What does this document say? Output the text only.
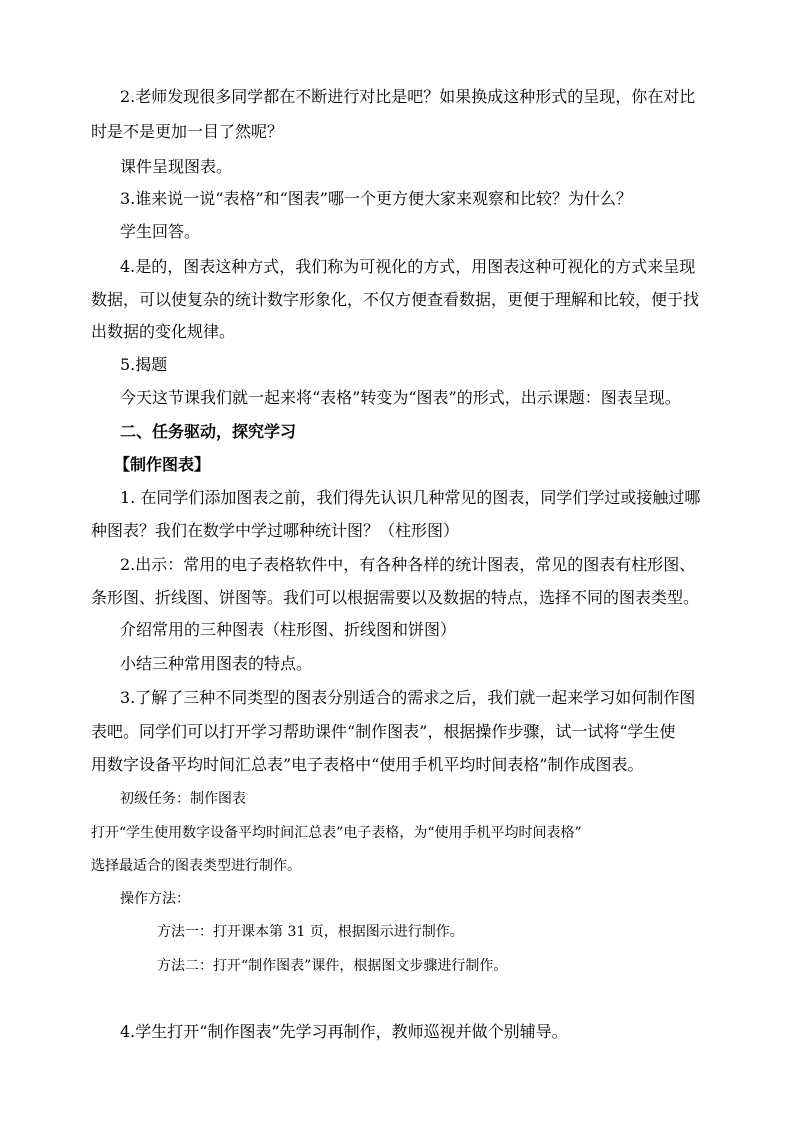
2.老师发现很多同学都在不断进行对比是吧？如果换成这种形式的呈现，你在对比
时是不是更加一目了然呢？
课件呈现图表。
3.谁来说一说“表格”和“图表”哪一个更方便大家来观察和比较？为什么？
学生回答。
4.是的，图表这种方式，我们称为可视化的方式，用图表这种可视化的方式来呈现
数据，可以使复杂的统计数字形象化，不仅方便查看数据，更便于理解和比较，便于找
出数据的变化规律。
5.揭题
今天这节课我们就一起来将“表格”转变为“图表”的形式，出示课题：图表呈现。
二、任务驱动，探究学习
【制作图表】
1. 在同学们添加图表之前，我们得先认识几种常见的图表，同学们学过或接触过哪
种图表？我们在数学中学过哪种统计图？（柱形图）
2.出示：常用的电子表格软件中，有各种各样的统计图表，常见的图表有柱形图、
条形图、折线图、饼图等。我们可以根据需要以及数据的特点，选择不同的图表类型。
介绍常用的三种图表（柱形图、折线图和饼图）
小结三种常用图表的特点。
3.了解了三种不同类型的图表分别适合的需求之后，我们就一起来学习如何制作图
表吧。同学们可以打开学习帮助课件“制作图表”，根据操作步骤，试一试将“学生使
用数字设备平均时间汇总表”电子表格中“使用手机平均时间表格”制作成图表。
初级任务：制作图表
打开“学生使用数字设备平均时间汇总表”电子表格，为“使用手机平均时间表格”
选择最适合的图表类型进行制作。
操作方法：
方法一：打开课本第 31 页，根据图示进行制作。
方法二：打开“制作图表”课件，根据图文步骤进行制作。
4.学生打开“制作图表”先学习再制作，教师巡视并做个别辅导。
